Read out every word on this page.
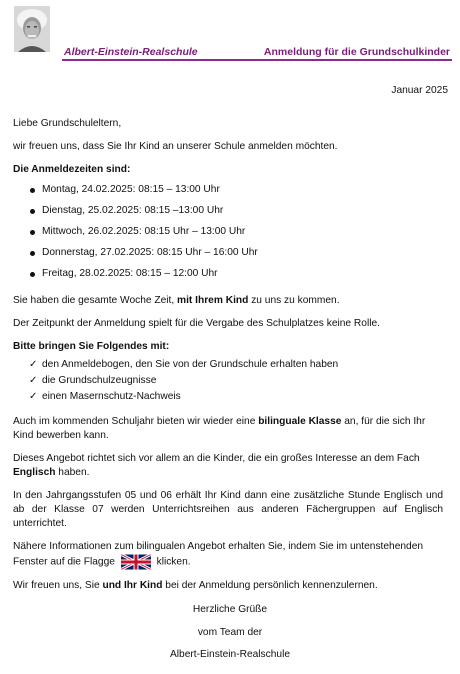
Albert-Einstein-Realschule	Anmeldung für die Grundschulkinder
Januar 2025

Liebe Grundschuleltern,

wir freuen uns, dass Sie Ihr Kind an unserer Schule anmelden möchten.

Die Anmeldezeiten sind:

Montag, 24.02.2025: 08:15 – 13:00 Uhr
Dienstag, 25.02.2025: 08:15 –13:00 Uhr
Mittwoch, 26.02.2025: 08:15 Uhr – 13:00 Uhr
Donnerstag, 27.02.2025: 08:15 Uhr – 16:00 Uhr
Freitag, 28.02.2025: 08:15 – 12:00 Uhr

Sie haben die gesamte Woche Zeit, mit Ihrem Kind zu uns zu kommen.

Der Zeitpunkt der Anmeldung spielt für die Vergabe des Schulplatzes keine Rolle.

Bitte bringen Sie Folgendes mit:

✓ den Anmeldebogen, den Sie von der Grundschule erhalten haben
✓ die Grundschulzeugnisse
✓ einen Masernschutz-Nachweis

Auch im kommenden Schuljahr bieten wir wieder eine bilinguale Klasse an, für die sich Ihr Kind bewerben kann.

Dieses Angebot richtet sich vor allem an die Kinder, die ein großes Interesse an dem Fach Englisch haben.

In den Jahrgangsstufen 05 und 06 erhält Ihr Kind dann eine zusätzliche Stunde Englisch und ab der Klasse 07 werden Unterrichtsreihen aus anderen Fächergruppen auf Englisch unterrichtet.

Nähere Informationen zum bilingualen Angebot erhalten Sie, indem Sie im untenstehenden Fenster auf die Flagge	klicken.

Wir freuen uns, Sie und Ihr Kind bei der Anmeldung persönlich kennenzulernen.

Herzliche Grüße
vom Team der
Albert-Einstein-Realschule
